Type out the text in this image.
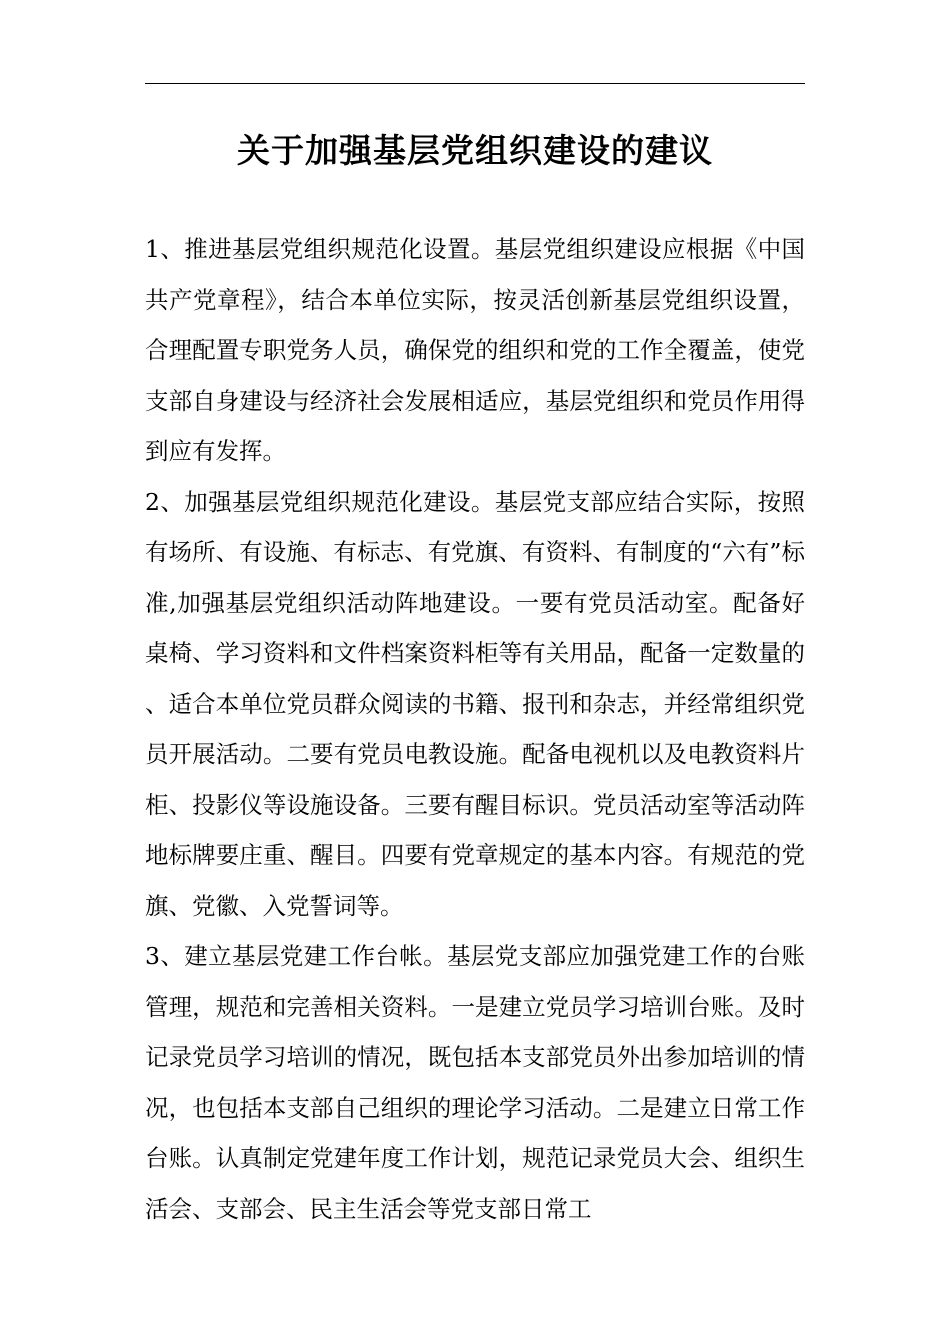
关于加强基层党组织建设的建议

1、推进基层党组织规范化设置。基层党组织建设应根据《中国共产党章程》，结合本单位实际，按灵活创新基层党组织设置，合理配置专职党务人员，确保党的组织和党的工作全覆盖，使党支部自身建设与经济社会发展相适应，基层党组织和党员作用得到应有发挥。

2、加强基层党组织规范化建设。基层党支部应结合实际，按照有场所、有设施、有标志、有党旗、有资料、有制度的“六有”标准,加强基层党组织活动阵地建设。一要有党员活动室。配备好桌椅、学习资料和文件档案资料柜等有关用品，配备一定数量的、适合本单位党员群众阅读的书籍、报刊和杂志，并经常组织党员开展活动。二要有党员电教设施。配备电视机以及电教资料片柜、投影仪等设施设备。三要有醒目标识。党员活动室等活动阵地标牌要庄重、醒目。四要有党章规定的基本内容。有规范的党旗、党徽、入党誓词等。

3、建立基层党建工作台帐。基层党支部应加强党建工作的台账管理，规范和完善相关资料。一是建立党员学习培训台账。及时记录党员学习培训的情况，既包括本支部党员外出参加培训的情况，也包括本支部自己组织的理论学习活动。二是建立日常工作台账。认真制定党建年度工作计划，规范记录党员大会、组织生活会、支部会、民主生活会等党支部日常工
